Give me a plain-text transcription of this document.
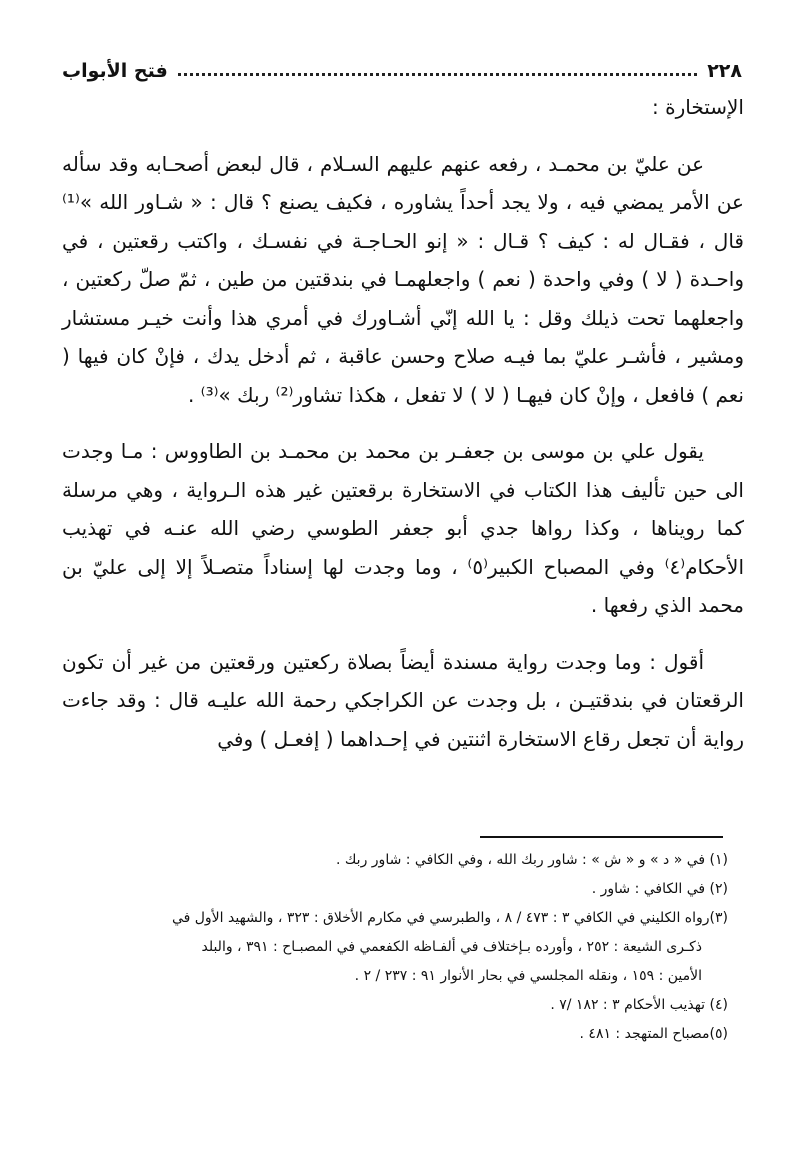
٢٢٨
فتح الأبواب
الإستخارة :

عن عليّ بن محمـد ، رفعه عنهم عليهم السـلام ، قال لبعض أصحـابه وقد سأله عن الأمر يمضي فيه ، ولا يجد أحداً يشاوره ، فكيف يصنع ؟ قال : « شـاور الله »⁽¹⁾ قال ، فقـال له : كيف ؟ قـال : « إنو الحـاجـة في نفسـك ، واكتب رقعتين ، في واحـدة ( لا ) وفي واحدة ( نعم ) واجعلهمـا في بندقتين من طين ، ثمّ صلّ ركعتين ، واجعلهما تحت ذيلك وقل : يا الله إنّي أشـاورك في أمري هذا وأنت خيـر مستشار ومشير ، فأشـر عليّ بما فيـه صلاح وحسن عاقبة ، ثم أدخل يدك ، فإنْ كان فيها ( نعم ) فافعل ، وإنْ كان فيهـا ( لا ) لا تفعل ، هكذا تشاور⁽²⁾ ربك »⁽³⁾ .

يقول علي بن موسى بن جعفـر بن محمد بن محمـد بن الطاووس : مـا وجدت الى حين تأليف هذا الكتاب في الاستخارة برقعتين غير هذه الـرواية ، وهي مرسلة كما رويناها ، وكذا رواها جدي أبو جعفر الطوسي رضي الله عنـه في تهذيب الأحكام⁽٤⁾ وفي المصباح الكبير⁽٥⁾ ، وما وجدت لها إسناداً متصـلاً إلا إلى عليّ بن محمد الذي رفعها .

أقول : وما وجدت رواية مسندة أيضاً بصلاة ركعتين ورقعتين من غير أن تكون الرقعتان في بندقتيـن ، بل وجدت عن الكراجكي رحمة الله عليـه قال : وقد جاءت رواية أن تجعل رقاع الاستخارة اثنتين في إحـداهما ( إفعـل ) وفي

(١) في « د » و « ش » : شاور ربك الله ، وفي الكافي : شاور ربك .

(٢) في الكافي : شاور .

(٣)رواه الكليني في الكافي ٣ : ٤٧٣ / ٨ ، والطبرسي في مكارم الأخلاق : ٣٢٣ ، والشهيد الأول في

ذكـرى الشيعة : ٢٥٢ ، وأورده بـإختلاف في ألفـاظه الكفعمي في المصبـاح : ٣٩١ ، والبلد

الأمين : ١٥٩ ، ونقله المجلسي في بحار الأنوار ٩١ : ٢٣٧ / ٢ .

(٤) تهذيب الأحكام ٣ : ١٨٢ /٧ .

(٥)مصباح المتهجد : ٤٨١ .
